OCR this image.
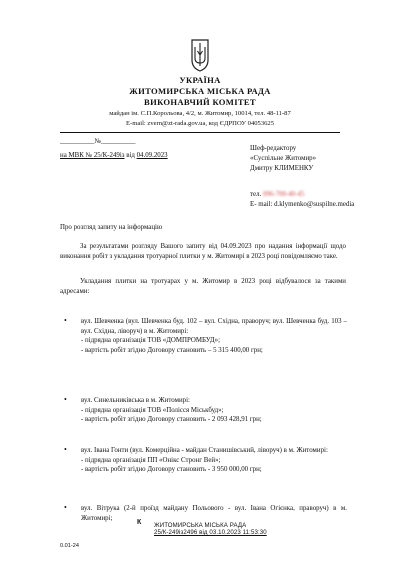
УКРАЇНА
ЖИТОМИРСЬКА МІСЬКА РАДА
ВИКОНАВЧИЙ КОМІТЕТ
майдан ім. С.П.Корольова, 4/2, м. Житомир, 10014, тел. 48-11-87
E-mail: zvern@zt-rada.gov.ua, код ЄДРПОУ 04053625
__________№__________
на МВК № 25/К-249із від 04.09.2023
Шеф-редактору
«Суспільне Житомир»
Дмитру КЛИМЕНКУ
тел. 096-700-40-45
E- mail: d.klymenko@suspilne.media
Про розгляд запиту на інформацію
За результатами розгляду Вашого запиту від 04.09.2023 про надання інформації щодо виконання робіт з укладання тротуарної плитки у м. Житомирі в 2023 році повідомляємо таке.
Укладання плитки на тротуарах у м. Житомир в 2023 році відбувалося за такими адресами:
• вул. Шевченка (вул. Шевченка буд. 102 – вул. Східна, праворуч; вул. Шевченка буд. 103 – вул. Східна, ліворуч) в м. Житомирі:
- підрядна організація ТОВ «ДОМПРОМБУД»;
- вартість робіт згідно Договору становить – 5 315 400,00 грн;
• вул. Синельниківська в м. Житомирі:
- підрядна організація ТОВ «Полісся Міськбуд»;
- вартість робіт згідно Договору становить - 2 093 428,91 грн;
• вул. Івана Гонти (вул. Комерційна - майдан Станишівський, ліворуч) в м. Житомирі:
- підрядна організація ПП «Онікс Стронг Вей»;
- вартість робіт згідно Договору становить - 3 950 000,00 грн;
• вул. Вітрука (2-й проїзд майдану Польового - вул. Івана Огієнка, праворуч) в м. Житомирі;
К ЖИТОМИРСЬКА МІСЬКА РАДА
25/К-249із2496 від 03.10.2023 11:53:30
0.01-24
